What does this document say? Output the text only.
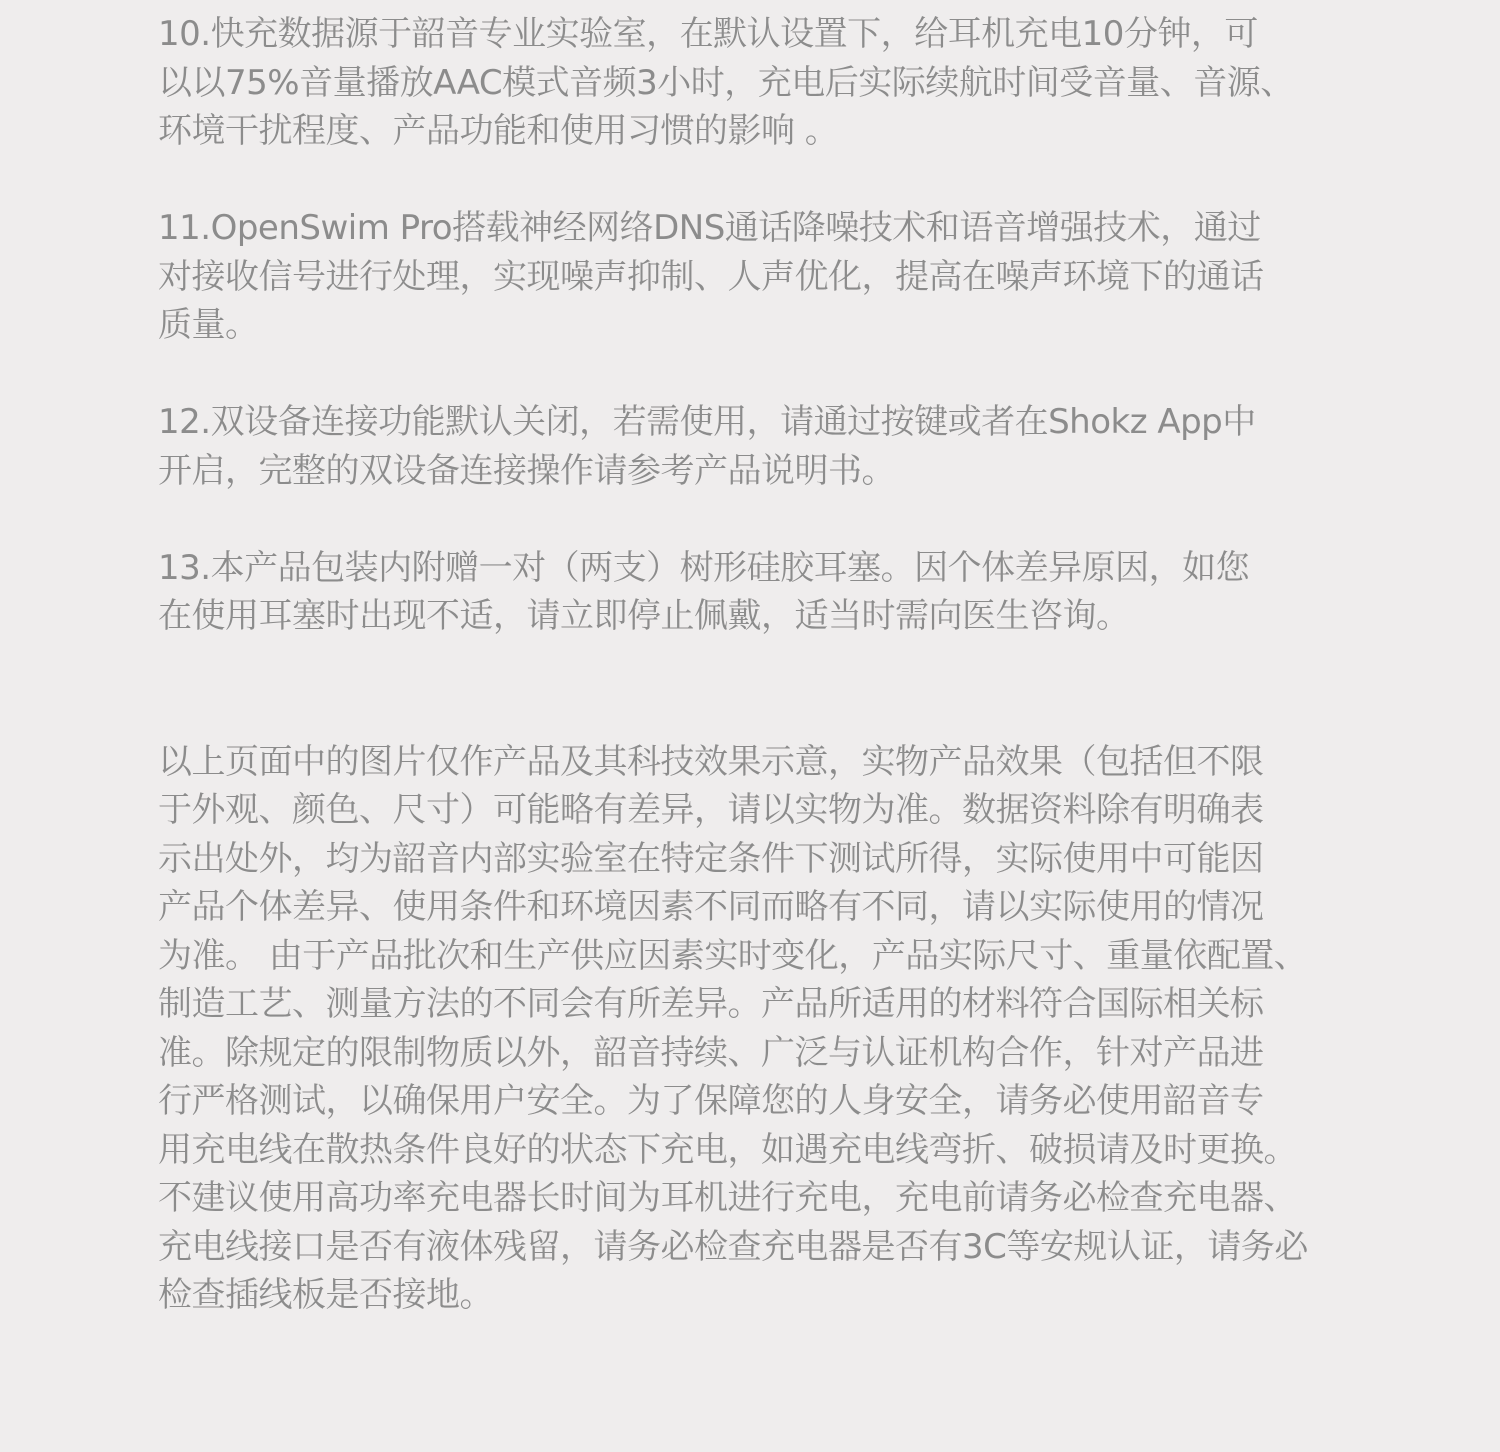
10.快充数据源于韶音专业实验室，在默认设置下，给耳机充电10分钟，可
以以75%音量播放AAC模式音频3小时，充电后实际续航时间受音量、音源、
环境干扰程度、产品功能和使用习惯的影响 。
11.OpenSwim Pro搭载神经网络DNS通话降噪技术和语音增强技术，通过
对接收信号进行处理，实现噪声抑制、人声优化，提高在噪声环境下的通话
质量。
12.双设备连接功能默认关闭，若需使用，请通过按键或者在Shokz App中
开启，完整的双设备连接操作请参考产品说明书。
13.本产品包装内附赠一对（两支）树形硅胶耳塞。因个体差异原因，如您
在使用耳塞时出现不适，请立即停止佩戴，适当时需向医生咨询。
以上页面中的图片仅作产品及其科技效果示意，实物产品效果（包括但不限
于外观、颜色、尺寸）可能略有差异，请以实物为准。数据资料除有明确表
示出处外，均为韶音内部实验室在特定条件下测试所得，实际使用中可能因
产品个体差异、使用条件和环境因素不同而略有不同，请以实际使用的情况
为准。 由于产品批次和生产供应因素实时变化，产品实际尺寸、重量依配置、
制造工艺、测量方法的不同会有所差异。产品所适用的材料符合国际相关标
准。除规定的限制物质以外，韶音持续、广泛与认证机构合作，针对产品进
行严格测试，以确保用户安全。为了保障您的人身安全，请务必使用韶音专
用充电线在散热条件良好的状态下充电，如遇充电线弯折、破损请及时更换。
不建议使用高功率充电器长时间为耳机进行充电，充电前请务必检查充电器、
充电线接口是否有液体残留，请务必检查充电器是否有3C等安规认证，请务必
检查插线板是否接地。
